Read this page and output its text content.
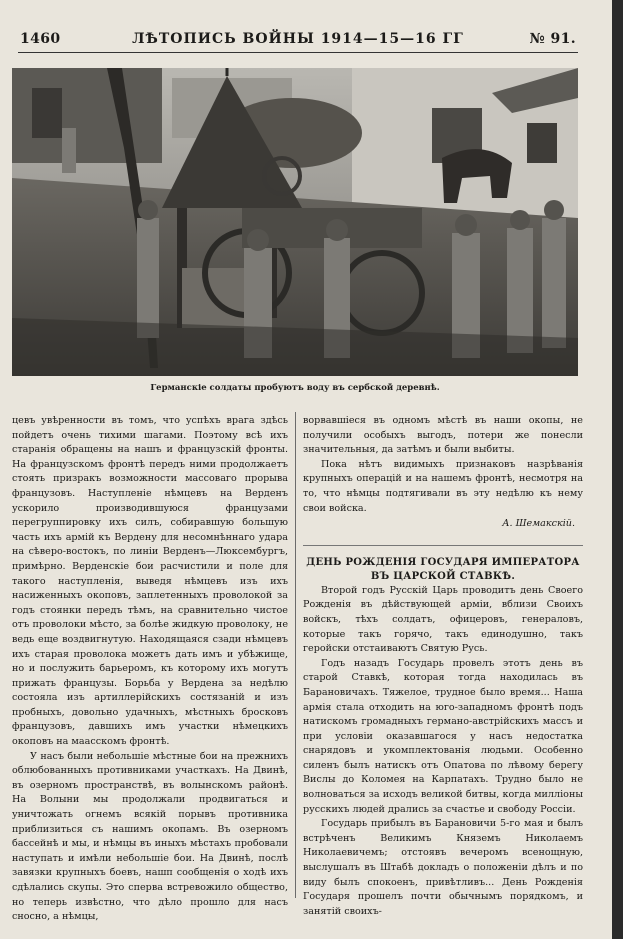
1460	ЛѢТОПИСЬ ВОЙНЫ 1914—15—16 ГГ	№ 91.
Германскіе солдаты пробуютъ воду въ сербской деревнѣ.

цевъ увѣренности въ томъ, что успѣхъ врага здѣсь пойдетъ очень тихими шагами. Поэтому всѣ ихъ старанія обращены на нашъ и французскій фронты. На французскомъ фронтѣ передъ ними продолжаетъ стоять призракъ возможности массоваго прорыва французовъ. Наступленіе нѣмцевъ на Верденъ ускорило производившуюся французами перегруппировку ихъ силъ, собиравшую большую часть ихъ армій къ Вердену для несомнѣннаго удара на сѣверо-востокъ, по линіи Верденъ—Люксембургъ, примѣрно. Верденскіе бои расчистили и поле для такого наступленія, выведя нѣмцевъ изъ ихъ насиженныхъ окоповъ, заплетенныхъ проволокой за годъ стоянки передъ тѣмъ, на сравнительно чистое отъ проволоки мѣсто, за болѣе жидкую проволоку, не ведь еще воздвигнутую. Находящаяся сзади нѣмцевъ ихъ старая проволока можетъ дать имъ и убѣжище, но и послужить барьеромъ, къ которому ихъ могутъ прижать французы. Борьба у Вердена за недѣлю состояла изъ артиллерійскихъ состязаній и изъ пробныхъ, довольно удачныхъ, мѣстныхъ бросковъ французовъ, давшихъ имъ участки нѣмецкихъ окоповъ на маасскомъ фронтѣ.

У насъ были небольшіе мѣстные бои на прежнихъ облюбованныхъ противниками участкахъ. На Двинѣ, въ озерномъ пространствѣ, въ волынскомъ районѣ. На Волыни мы продолжали продвигаться и уничтожать огнемъ всякій порывъ противника приблизиться съ нашимъ окопамъ. Въ озерномъ бассейнѣ и мы, и нѣмцы въ иныхъ мѣстахъ пробовали наступать и имѣли небольшіе бои. На Двинѣ, послѣ завязки крупныхъ боевъ, нашп сообщенія о ходѣ ихъ сдѣлались скупы. Это сперва встревожило общество, но теперь извѣстно, что дѣло прошло для насъ сносно, а нѣмцы,

ворвавшіеся въ одномъ мѣстѣ въ наши окопы, не получили особыхъ выгодъ, потери же понесли значительныя, да затѣмъ и были выбиты.

Пока нѣтъ видимыхъ признаковъ назрѣванія крупныхъ операцій и на нашемъ фронтѣ, несмотря на то, что нѣмцы подтягивали въ эту недѣлю къ нему свои войска.

А. Шемакскій.

ДЕНЬ РОЖДЕНІЯ ГОСУДАРЯ ИМПЕРАТОРА ВЪ ЦАРСКОЙ СТАВКѢ.

Второй годъ Русскій Царь проводитъ день Своего Рожденія въ дѣйствующей арміи, вблизи Своихъ войскъ, тѣхъ солдатъ, офицеровъ, генераловъ, которые такъ горячо, такъ единодушно, такъ геройски отстаиваютъ Святую Русь.

Годъ назадъ Государь провелъ этотъ день въ старой Ставкѣ, которая тогда находилась въ Барановичахъ. Тяжелое, трудное было время... Наша армія стала отходить на юго-западномъ фронтѣ подъ натискомъ громадныхъ германо-австрійскихъ массъ и при условіи оказавшагося у насъ недостатка снарядовъ и укомплектованія людьми. Особенно силенъ былъ натискъ отъ Опатова по лѣвому берегу Вислы до Коломея на Карпатахъ. Трудно было не волноваться за исходъ великой битвы, когда милліоны русскихъ людей дрались за счастье и свободу Россіи.

Государь прибылъ въ Барановичи 5-го мая и былъ встрѣченъ Великимъ Княземъ Николаемъ Николаевичемъ; отстоявъ вечеромъ всенощную, выслушалъ въ Штабѣ докладъ о положеніи дѣлъ и по виду былъ спокоенъ, привѣтливъ... День Рожденія Государя прошелъ почти обычнымъ порядкомъ, и занятій своихъ-
